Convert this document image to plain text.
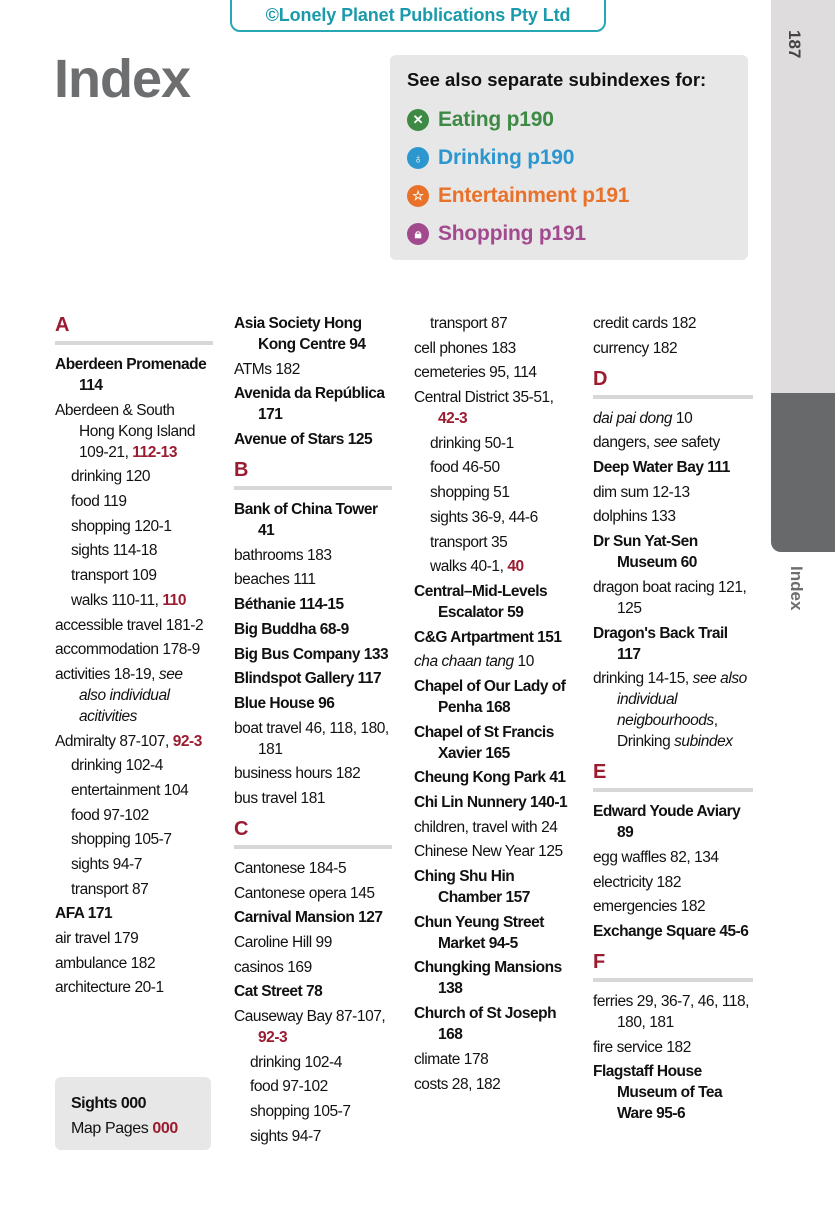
©Lonely Planet Publications Pty Ltd
Index	See also separate subindexes for:
✕ Eating p190
♁ Drinking p190
☆ Entertainment p191
🔒︎ Shopping p191
187
Index
A
Aberdeen Promenade 114
Aberdeen & South Hong Kong Island 109-21, 112-13
drinking 120
food 119
shopping 120-1
sights 114-18
transport 109
walks 110-11, 110
accessible travel 181-2
accommodation 178-9
activities 18-19, see also individual acitivities
Admiralty 87-107, 92-3
drinking 102-4
entertainment 104
food 97-102
shopping 105-7
sights 94-7
transport 87
AFA 171
air travel 179
ambulance 182
architecture 20-1
Asia Society Hong Kong Centre 94
ATMs 182
Avenida da República 171
Avenue of Stars 125
B
Bank of China Tower 41
bathrooms 183
beaches 111
Béthanie 114-15
Big Buddha 68-9
Big Bus Company 133
Blindspot Gallery 117
Blue House 96
boat travel 46, 118, 180, 181
business hours 182
bus travel 181
C
Cantonese 184-5
Cantonese opera 145
Carnival Mansion 127
Caroline Hill 99
casinos 169
Cat Street 78
Causeway Bay 87-107, 92-3
drinking 102-4
food 97-102
shopping 105-7
sights 94-7
transport 87
cell phones 183
cemeteries 95, 114
Central District 35-51, 42-3
drinking 50-1
food 46-50
shopping 51
sights 36-9, 44-6
transport 35
walks 40-1, 40
Central–Mid-Levels Escalator 59
C&G Artpartment 151
cha chaan tang 10
Chapel of Our Lady of Penha 168
Chapel of St Francis Xavier 165
Cheung Kong Park 41
Chi Lin Nunnery 140-1
children, travel with 24
Chinese New Year 125
Ching Shu Hin Chamber 157
Chun Yeung Street Market 94-5
Chungking Mansions 138
Church of St Joseph 168
climate 178
costs 28, 182
credit cards 182
currency 182
D
dai pai dong 10
dangers, see safety
Deep Water Bay 111
dim sum 12-13
dolphins 133
Dr Sun Yat-Sen Museum 60
dragon boat racing 121, 125
Dragon's Back Trail 117
drinking 14-15, see also individual neigbourhoods, Drinking subindex
E
Edward Youde Aviary 89
egg waffles 82, 134
electricity 182
emergencies 182
Exchange Square 45-6
F
ferries 29, 36-7, 46, 118, 180, 181
fire service 182
Flagstaff House Museum of Tea Ware 95-6
Sights 000
Map Pages 000
